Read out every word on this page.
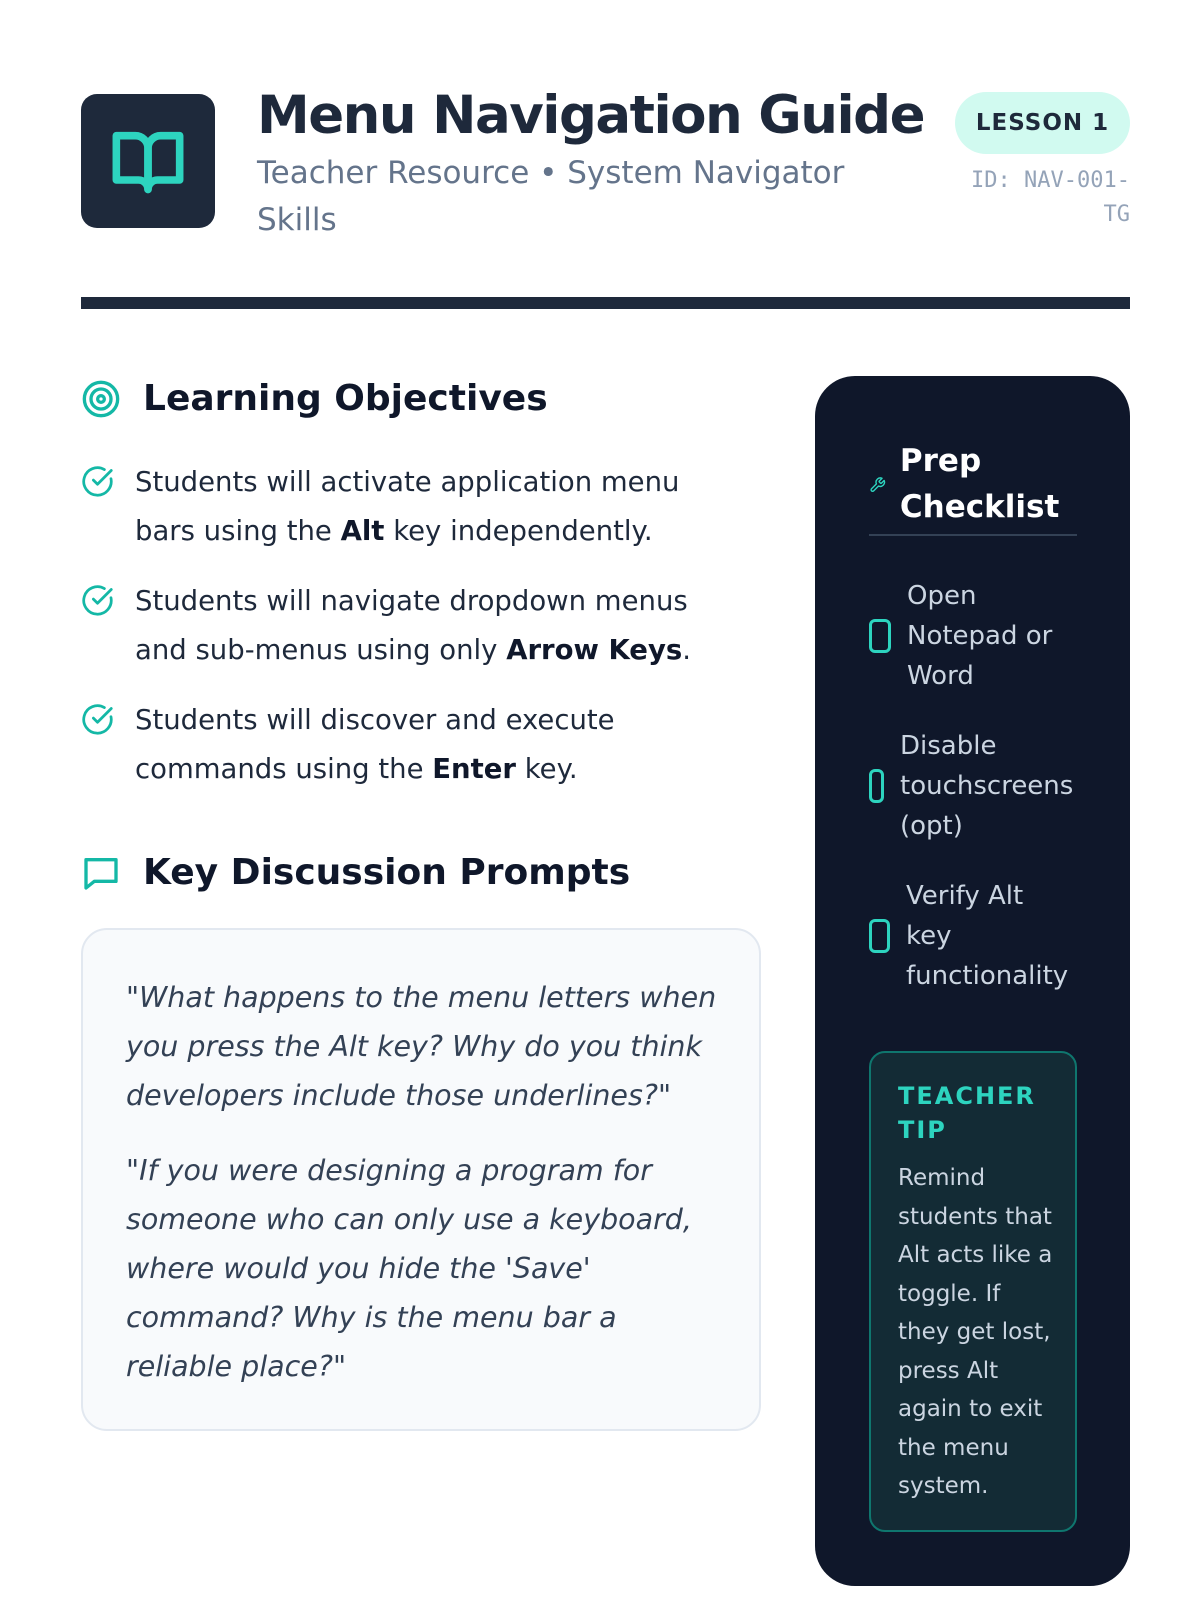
Menu Navigation Guide
Teacher Resource • System Navigator Skills
LESSON 1
ID: NAV-001-TG
Learning Objectives
Students will activate application menu bars using the Alt key independently.
Students will navigate dropdown menus and sub-menus using only Arrow Keys.
Students will discover and execute commands using the Enter key.
Key Discussion Prompts

"What happens to the menu letters when you press the Alt key? Why do you think developers include those underlines?"

"If you were designing a program for someone who can only use a keyboard, where would you hide the 'Save' command? Why is the menu bar a reliable place?"

Prep Checklist
Open Notepad or Word
Disable touchscreens (opt)
Verify Alt key functionality
TEACHER TIP
Remind students that Alt acts like a toggle. If they get lost, press Alt again to exit the menu system.
